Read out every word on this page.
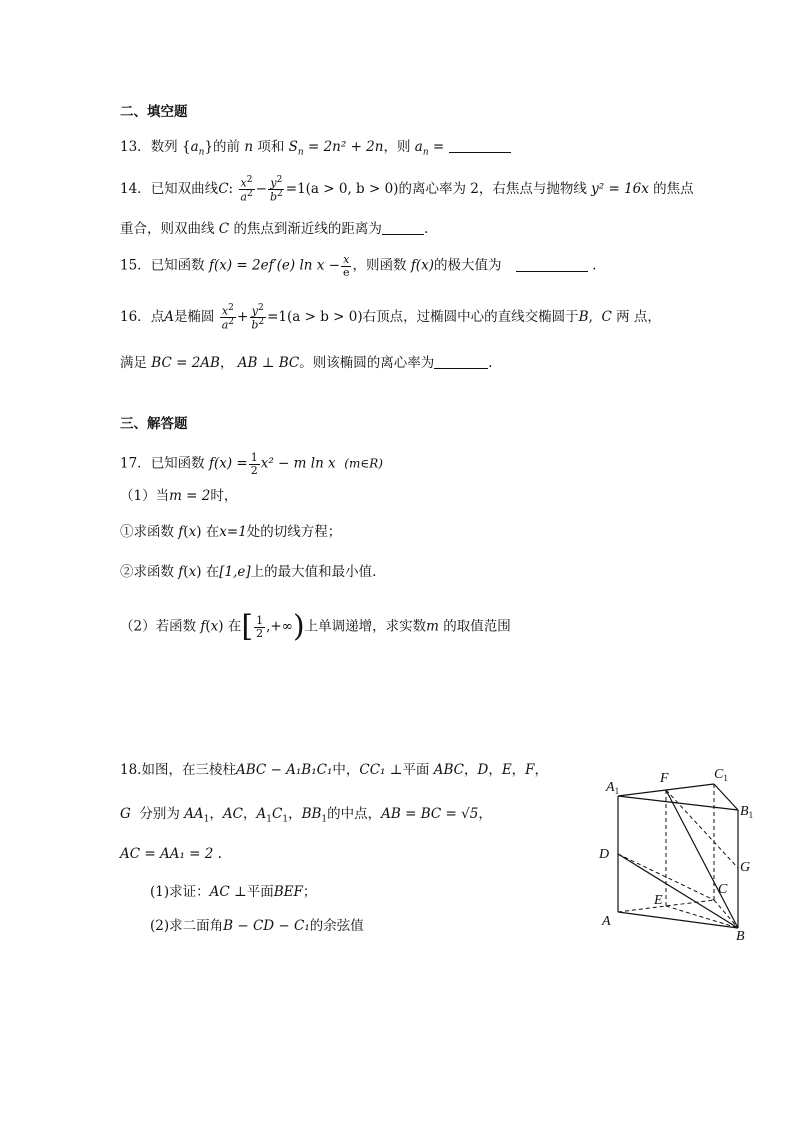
二、填空题
13．数列 $\{a_n\}$的前 n 项和 $S_n = 2n^2 + 2n$，则 $a_n$ =
14．已知双曲线C: $\frac{x^2}{a^2} - \frac{y^2}{b^2} =1(a > 0$, b > 0)的离心率为 2，右焦点与抛物线 y² = 16x 的焦点
重合，则双曲线 C 的焦点到渐近线的距离为	.
15．已知函数 f(x) = 2ef′(e) $\ln x - \frac{x}{e}$ ，则函数 f(x)的极大值为	.
16．点A是椭圆 $\frac{x^2}{a^2} + \frac{y^2}{b^2} =1(a > b > 0)$右顶点，过椭圆中心的直线交椭圆于B,  C 两 点，
满足 BC = 2AB， AB ⊥ BC。则该椭圆的离心率为	.
三、解答题
17．已知函数 $f(x) = \frac{1}{2} x^2 - m$ ln x (m∈R)
（1）当m = 2时，
①求函数 f(x) 在x=1处的切线方程；
②求函数 f(x) 在[1,e]上的最大值和最小值.
（2）若函数 f(x) 在[ $\frac{1}{2}$ ,+∞)上单调递增，求实数m 的取值范围
18.如图，在三棱柱ABC − A₁B₁C₁中，CC₁ ⊥平面 ABC，D，E，F，
G 分别为 $AA_1$，AC，$A_1C_1$，$BB_1$的中点，AB = BC = √5，
AC = AA₁ = 2 .
(1)求证：AC ⊥平面BEF；
(2)求二面角B − CD − C₁的余弦值
$A_1$
F	$C_1$
$B_1$
D
G
C
E
A
B
